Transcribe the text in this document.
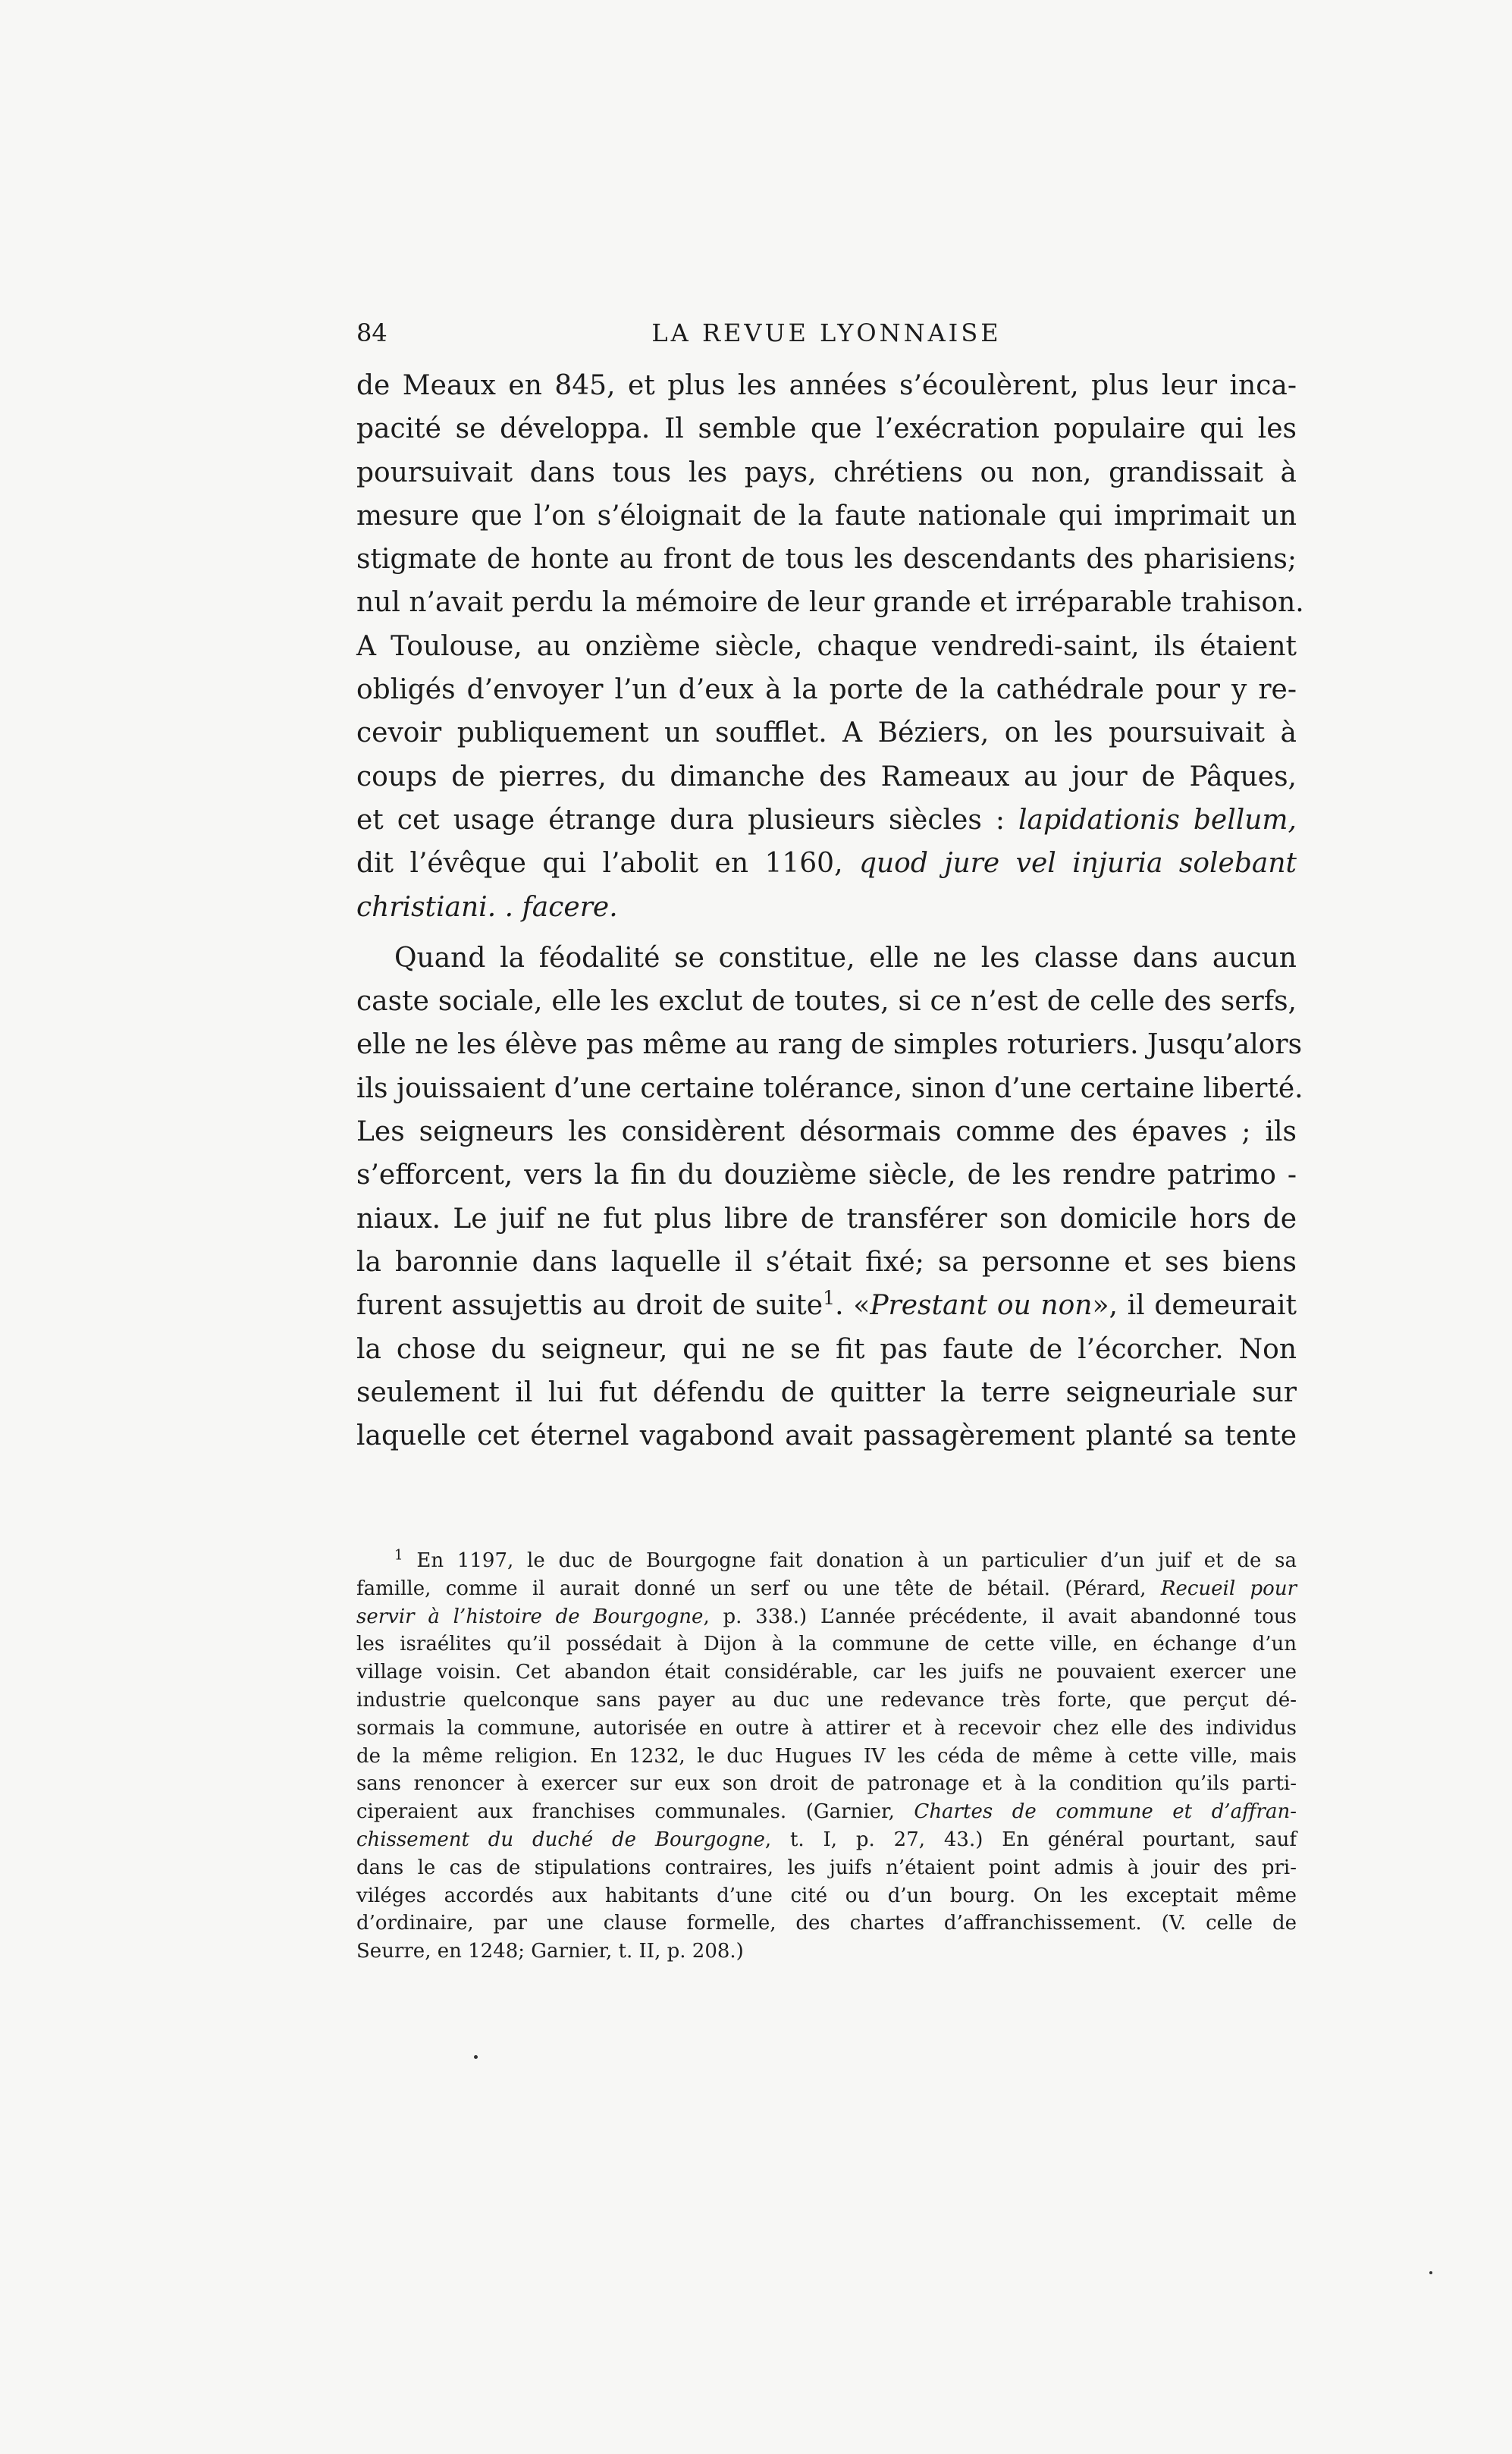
84	LA REVUE LYONNAISE

de Meaux en 845, et plus les années s’écoulèrent, plus leur inca-
pacité se développa. Il semble que l’exécration populaire qui les
poursuivait dans tous les pays, chrétiens ou non, grandissait à
mesure que l’on s’éloignait de la faute nationale qui imprimait un
stigmate de honte au front de tous les descendants des pharisiens;
nul n’avait perdu la mémoire de leur grande et irréparable trahison.
A Toulouse, au onzième siècle, chaque vendredi-saint, ils étaient
obligés d’envoyer l’un d’eux à la porte de la cathédrale pour y re-
cevoir publiquement un soufflet. A Béziers, on les poursuivait à
coups de pierres, du dimanche des Rameaux au jour de Pâques,
et cet usage étrange dura plusieurs siècles : lapidationis bellum,
dit l’évêque qui l’abolit en 1160, quod jure vel injuria solebant
christiani. . facere.

Quand la féodalité se constitue, elle ne les classe dans aucun
caste sociale, elle les exclut de toutes, si ce n’est de celle des serfs,
elle ne les élève pas même au rang de simples roturiers. Jusqu’alors
ils jouissaient d’une certaine tolérance, sinon d’une certaine liberté.
Les seigneurs les considèrent désormais comme des épaves ; ils
s’efforcent, vers la fin du douzième siècle, de les rendre patrimo -
niaux. Le juif ne fut plus libre de transférer son domicile hors de
la baronnie dans laquelle il s’était fixé; sa personne et ses biens
furent assujettis au droit de suite$^1$. «Prestant ou non», il demeurait
la chose du seigneur, qui ne se fit pas faute de l’écorcher. Non
seulement il lui fut défendu de quitter la terre seigneuriale sur
laquelle cet éternel vagabond avait passagèrement planté sa tente

$^1$ En 1197, le duc de Bourgogne fait donation à un particulier d’un juif et de sa
famille, comme il aurait donné un serf ou une tête de bétail. (Pérard, Recueil pour
servir à l’histoire de Bourgogne, p. 338.) L’année précédente, il avait abandonné tous
les israélites qu’il possédait à Dijon à la commune de cette ville, en échange d’un
village voisin. Cet abandon était considérable, car les juifs ne pouvaient exercer une
industrie quelconque sans payer au duc une redevance très forte, que perçut dé-
sormais la commune, autorisée en outre à attirer et à recevoir chez elle des individus
de la même religion. En 1232, le duc Hugues IV les céda de même à cette ville, mais
sans renoncer à exercer sur eux son droit de patronage et à la condition qu’ils parti-
ciperaient aux franchises communales. (Garnier, Chartes de commune et d’affran-
chissement du duché de Bourgogne, t. I, p. 27, 43.) En général pourtant, sauf
dans le cas de stipulations contraires, les juifs n’étaient point admis à jouir des pri-
viléges accordés aux habitants d’une cité ou d’un bourg. On les exceptait même
d’ordinaire, par une clause formelle, des chartes d’affranchissement. (V. celle de
Seurre, en 1248; Garnier, t. II, p. 208.)
